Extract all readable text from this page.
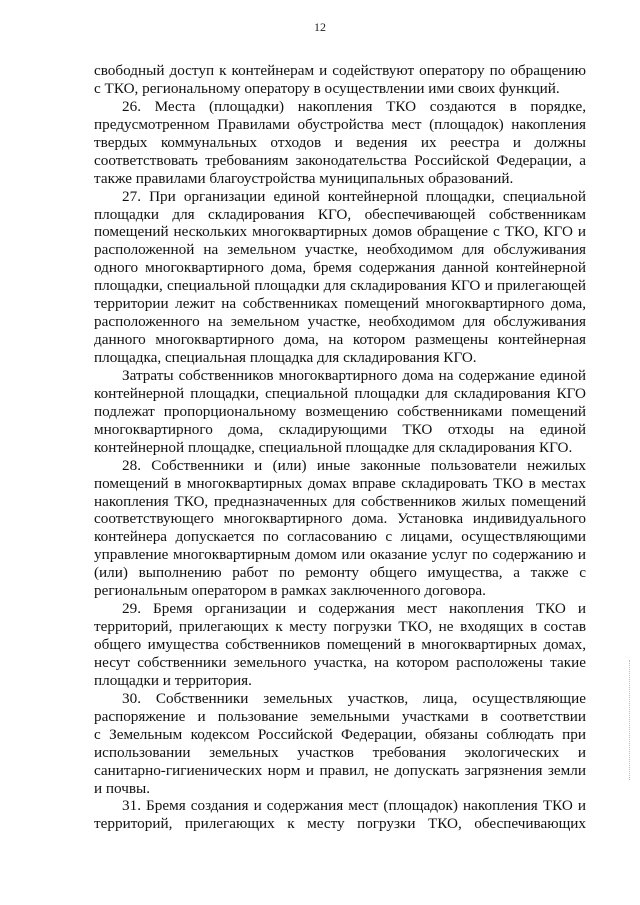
12
свободный доступ к контейнерам и содействуют оператору по обращению
с ТКО, региональному оператору в осуществлении ими своих функций.
26. Места (площадки) накопления ТКО создаются в порядке,
предусмотренном Правилами обустройства мест (площадок) накопления
твердых коммунальных отходов и ведения их реестра и должны
соответствовать требованиям законодательства Российской Федерации, а
также правилами благоустройства муниципальных образований.
27. При организации единой контейнерной площадки, специальной
площадки для складирования КГО, обеспечивающей собственникам
помещений нескольких многоквартирных домов обращение с ТКО, КГО и
расположенной на земельном участке, необходимом для обслуживания
одного многоквартирного дома, бремя содержания данной контейнерной
площадки, специальной площадки для складирования КГО и прилегающей
территории лежит на собственниках помещений многоквартирного дома,
расположенного на земельном участке, необходимом для обслуживания
данного многоквартирного дома, на котором размещены контейнерная
площадка, специальная площадка для складирования КГО.
Затраты собственников многоквартирного дома на содержание единой
контейнерной площадки, специальной площадки для складирования КГО
подлежат пропорциональному возмещению собственниками помещений
многоквартирного дома, складирующими ТКО отходы на единой
контейнерной площадке, специальной площадке для складирования КГО.
28. Собственники и (или) иные законные пользователи нежилых
помещений в многоквартирных домах вправе складировать ТКО в местах
накопления ТКО, предназначенных для собственников жилых помещений
соответствующего многоквартирного дома. Установка индивидуального
контейнера допускается по согласованию с лицами, осуществляющими
управление многоквартирным домом или оказание услуг по содержанию и
(или) выполнению работ по ремонту общего имущества, а также с
региональным оператором в рамках заключенного договора.
29. Бремя организации и содержания мест накопления ТКО и
территорий, прилегающих к месту погрузки ТКО, не входящих в состав
общего имущества собственников помещений в многоквартирных домах,
несут собственники земельного участка, на котором расположены такие
площадки и территория.
30. Собственники земельных участков, лица, осуществляющие
распоряжение и пользование земельными участками в соответствии
с Земельным кодексом Российской Федерации, обязаны соблюдать при
использовании земельных участков требования экологических и
санитарно-гигиенических норм и правил, не допускать загрязнения земли
и почвы.
31. Бремя создания и содержания мест (площадок) накопления ТКО и
территорий, прилегающих к месту погрузки ТКО, обеспечивающих
